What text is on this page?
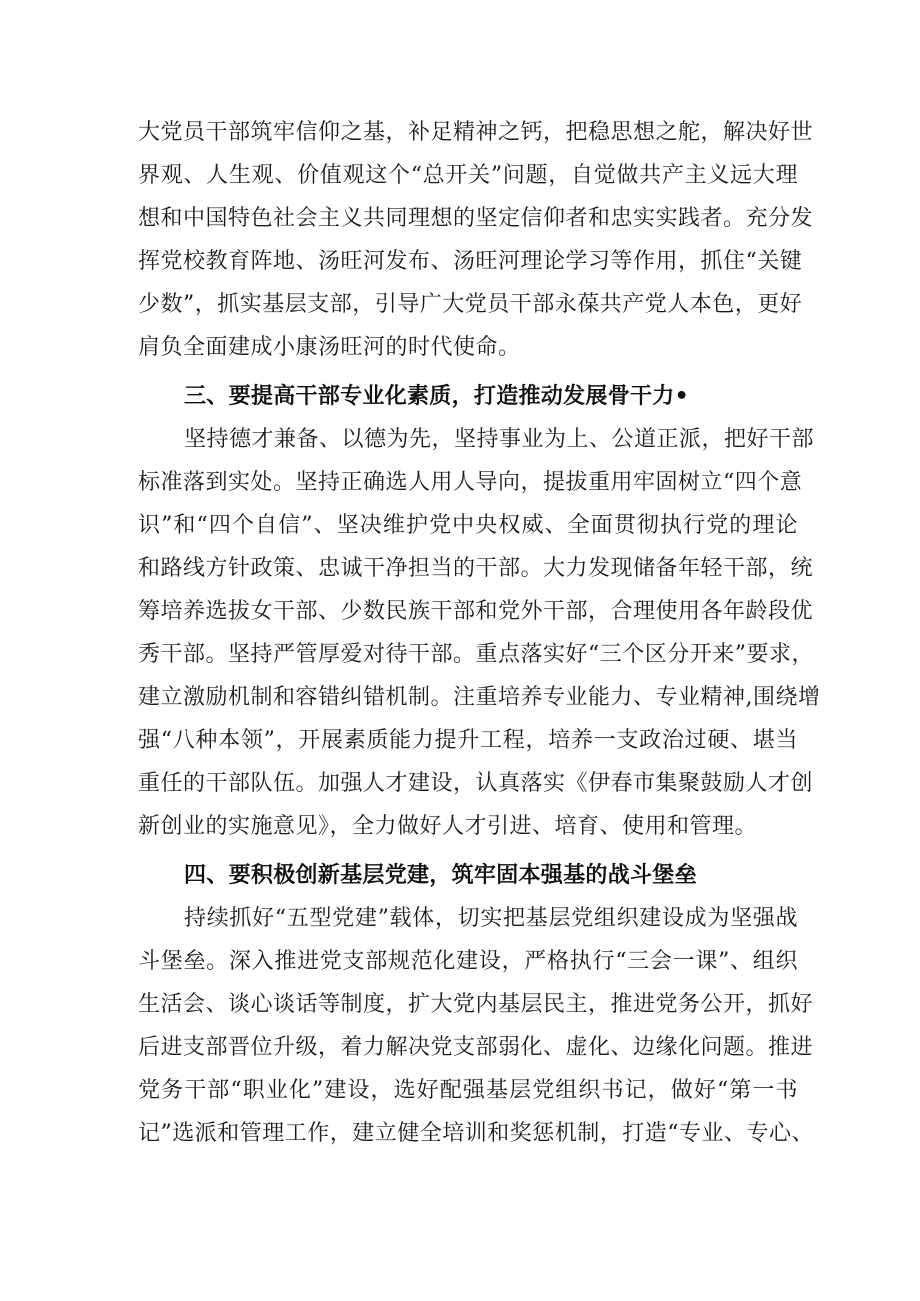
大党员干部筑牢信仰之基，补足精神之钙，把稳思想之舵，解决好世
界观、人生观、价值观这个“总开关”问题，自觉做共产主义远大理
想和中国特色社会主义共同理想的坚定信仰者和忠实实践者。充分发
挥党校教育阵地、汤旺河发布、汤旺河理论学习等作用，抓住“关键
少数”，抓实基层支部，引导广大党员干部永葆共产党人本色，更好
肩负全面建成小康汤旺河的时代使命。
三、要提高干部专业化素质，打造推动发展骨干力•
坚持德才兼备、以德为先，坚持事业为上、公道正派，把好干部
标准落到实处。坚持正确选人用人导向，提拔重用牢固树立“四个意
识”和“四个自信”、坚决维护党中央权威、全面贯彻执行党的理论
和路线方针政策、忠诚干净担当的干部。大力发现储备年轻干部，统
筹培养选拔女干部、少数民族干部和党外干部，合理使用各年龄段优
秀干部。坚持严管厚爱对待干部。重点落实好“三个区分开来”要求，
建立激励机制和容错纠错机制。注重培养专业能力、专业精神,围绕增
强“八种本领”，开展素质能力提升工程，培养一支政治过硬、堪当
重任的干部队伍。加强人才建设，认真落实《伊春市集聚鼓励人才创
新创业的实施意见》，全力做好人才引进、培育、使用和管理。
四、要积极创新基层党建，筑牢固本强基的战斗堡垒
持续抓好“五型党建”载体，切实把基层党组织建设成为坚强战
斗堡垒。深入推进党支部规范化建设，严格执行“三会一课”、组织
生活会、谈心谈话等制度，扩大党内基层民主，推进党务公开，抓好
后进支部晋位升级，着力解决党支部弱化、虚化、边缘化问题。推进
党务干部“职业化”建设，选好配强基层党组织书记，做好“第一书
记”选派和管理工作，建立健全培训和奖惩机制，打造“专业、专心、
